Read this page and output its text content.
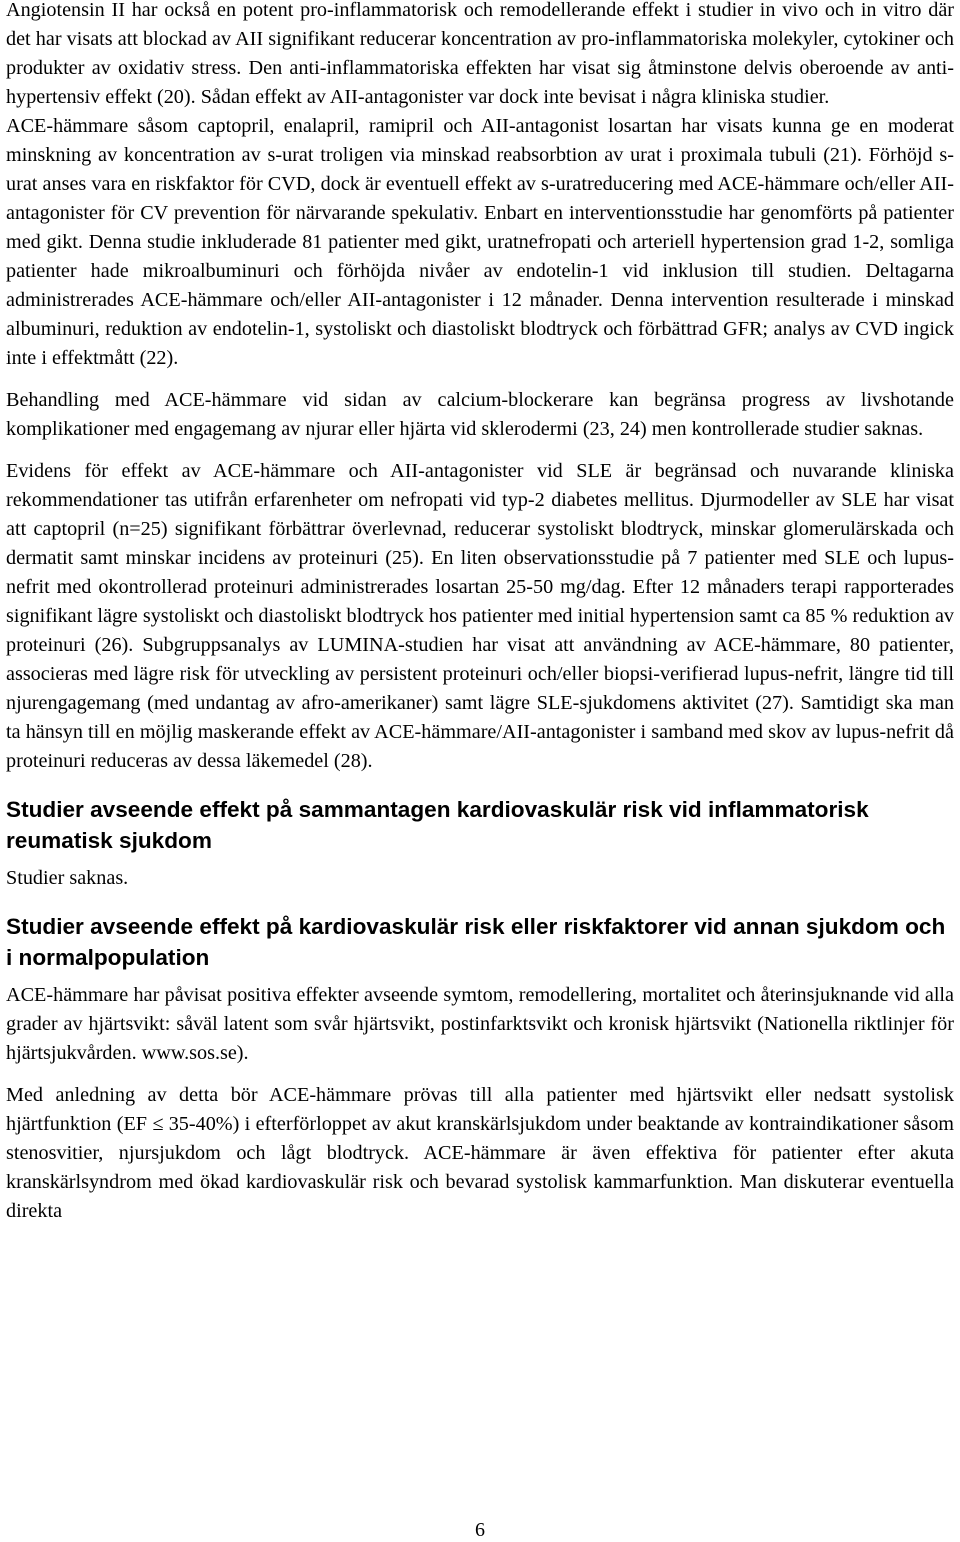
Angiotensin II har också en potent pro-inflammatorisk och remodellerande effekt i studier in vivo och in vitro där det har visats att blockad av AII signifikant reducerar koncentration av pro-inflammatoriska molekyler, cytokiner och produkter av oxidativ stress. Den anti-inflammatoriska effekten har visat sig åtminstone delvis oberoende av anti-hypertensiv effekt (20). Sådan effekt av AII-antagonister var dock inte bevisat i några kliniska studier.

ACE-hämmare såsom captopril, enalapril, ramipril och AII-antagonist losartan har visats kunna ge en moderat minskning av koncentration av s-urat troligen via minskad reabsorbtion av urat i proximala tubuli (21). Förhöjd s-urat anses vara en riskfaktor för CVD, dock är eventuell effekt av s-uratreducering med ACE-hämmare och/eller AII-antagonister för CV prevention för närvarande spekulativ. Enbart en interventionsstudie har genomförts på patienter med gikt. Denna studie inkluderade 81 patienter med gikt, uratnefropati och arteriell hypertension grad 1-2, somliga patienter hade mikroalbuminuri och förhöjda nivåer av endotelin-1 vid inklusion till studien. Deltagarna administrerades ACE-hämmare och/eller AII-antagonister i 12 månader. Denna intervention resulterade i minskad albuminuri, reduktion av endotelin-1, systoliskt och diastoliskt blodtryck och förbättrad GFR; analys av CVD ingick inte i effektmått (22).

Behandling med ACE-hämmare vid sidan av calcium-blockerare kan begränsa progress av livshotande komplikationer med engagemang av njurar eller hjärta vid sklerodermi (23, 24) men kontrollerade studier saknas.

Evidens för effekt av ACE-hämmare och AII-antagonister vid SLE är begränsad och nuvarande kliniska rekommendationer tas utifrån erfarenheter om nefropati vid typ-2 diabetes mellitus. Djurmodeller av SLE har visat att captopril (n=25) signifikant förbättrar överlevnad, reducerar systoliskt blodtryck, minskar glomerulärskada och dermatit samt minskar incidens av proteinuri (25). En liten observationsstudie på 7 patienter med SLE och lupus-nefrit med okontrollerad proteinuri administrerades losartan 25-50 mg/dag. Efter 12 månaders terapi rapporterades signifikant lägre systoliskt och diastoliskt blodtryck hos patienter med initial hypertension samt ca 85 % reduktion av proteinuri (26). Subgruppsanalys av LUMINA-studien har visat att användning av ACE-hämmare, 80 patienter, associeras med lägre risk för utveckling av persistent proteinuri och/eller biopsi-verifierad lupus-nefrit, längre tid till njurengagemang (med undantag av afro-amerikaner) samt lägre SLE-sjukdomens aktivitet (27). Samtidigt ska man ta hänsyn till en möjlig maskerande effekt av ACE-hämmare/AII-antagonister i samband med skov av lupus-nefrit då proteinuri reduceras av dessa läkemedel (28).

Studier avseende effekt på sammantagen kardiovaskulär risk vid inflammatorisk reumatisk sjukdom

Studier saknas.

Studier avseende effekt på kardiovaskulär risk eller riskfaktorer vid annan sjukdom och i normalpopulation

ACE-hämmare har påvisat positiva effekter avseende symtom, remodellering, mortalitet och återinsjuknande vid alla grader av hjärtsvikt: såväl latent som svår hjärtsvikt, postinfarktsvikt och kronisk hjärtsvikt (Nationella riktlinjer för hjärtsjukvården. www.sos.se).

Med anledning av detta bör ACE-hämmare prövas till alla patienter med hjärtsvikt eller nedsatt systolisk hjärtfunktion (EF ≤ 35-40%) i efterförloppet av akut kranskärlsjukdom under beaktande av kontraindikationer såsom stenosvitier, njursjukdom och lågt blodtryck. ACE-hämmare är även effektiva för patienter efter akuta kranskärlsyndrom med ökad kardiovaskulär risk och bevarad systolisk kammarfunktion. Man diskuterar eventuella direkta

6
